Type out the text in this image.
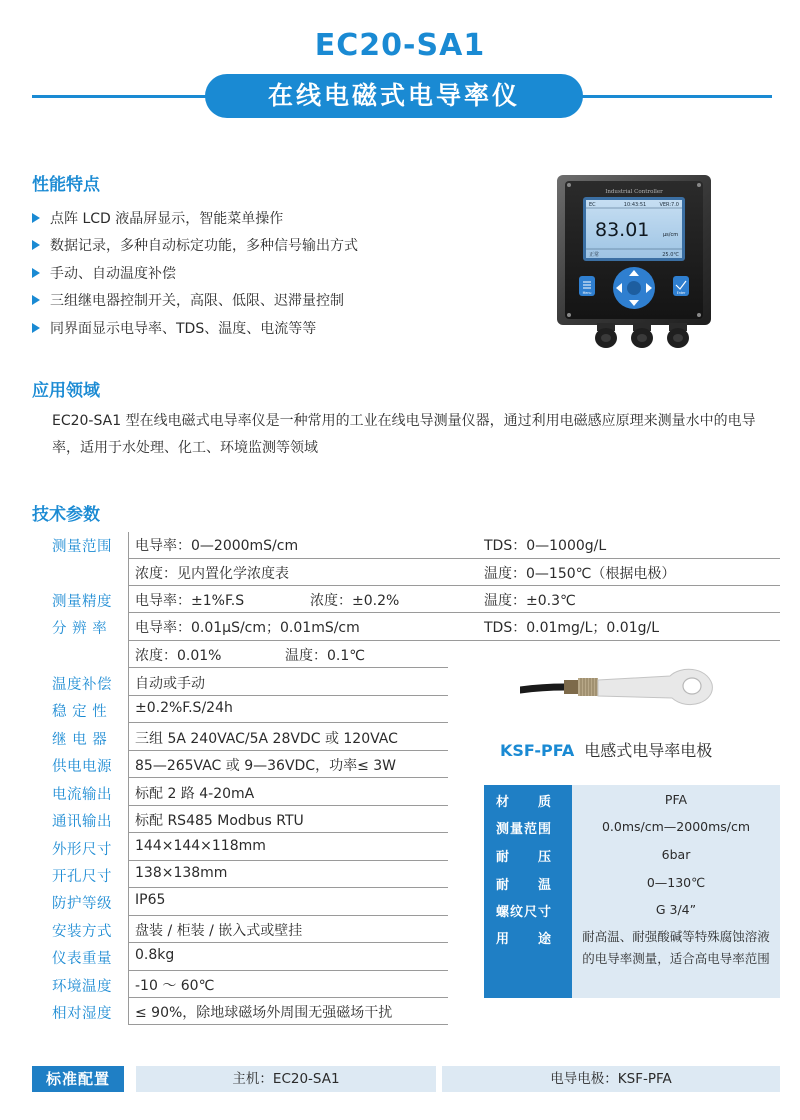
EC20-SA1
在线电磁式电导率仪
性能特点
点阵 LCD 液晶屏显示，智能菜单操作
数据记录，多种自动标定功能，多种信号输出方式
手动、自动温度补偿
三组继电器控制开关，高限、低限、迟滞量控制
同界面显示电导率、TDS、温度、电流等等
Industrial Controller
EC	10:43:51	VER:7.0
83.01	μs/cm
正常	25.0℃
Menu	Enter
应用领域
EC20-SA1 型在线电磁式电导率仪是一种常用的工业在线电导测量仪器，通过利用电磁感应原理来测量水中的电导率，适用于水处理、化工、环境监测等领域
技术参数
测量范围	电导率：0—2000mS/cm	TDS：0—1000g/L
浓度：见内置化学浓度表	温度：0—150℃（根据电极）
测量精度	电导率：±1%F.S	浓度：±0.2%	温度：±0.3℃
分 辨 率	电导率：0.01μS/cm；0.01mS/cm	TDS：0.01mg/L；0.01g/L
浓度：0.01%	温度：0.1℃
温度补偿	自动或手动
稳 定 性	±0.2%F.S/24h
继 电 器	三组 5A 240VAC/5A 28VDC 或 120VAC
供电电源	85—265VAC 或 9—36VDC，功率≤ 3W
电流输出	标配 2 路 4-20mA
通讯输出	标配 RS485 Modbus RTU
外形尺寸	144×144×118mm
开孔尺寸	138×138mm
防护等级	IP65
安装方式	盘装 / 柜装 / 嵌入式或壁挂
仪表重量	0.8kg
环境温度	-10 ～ 60℃
相对湿度	≤ 90%，除地球磁场外周围无强磁场干扰
KSF-PFA 电感式电导率电极
材　　质	PFA
测量范围	0.0ms/cm—2000ms/cm
耐　　压	6bar
耐　　温	0—130℃
螺纹尺寸	G 3/4”
用　　途	耐高温、耐强酸碱等特殊腐蚀溶液的电导率测量，适合高电导率范围
标准配置	主机：EC20-SA1	电导电极：KSF-PFA
